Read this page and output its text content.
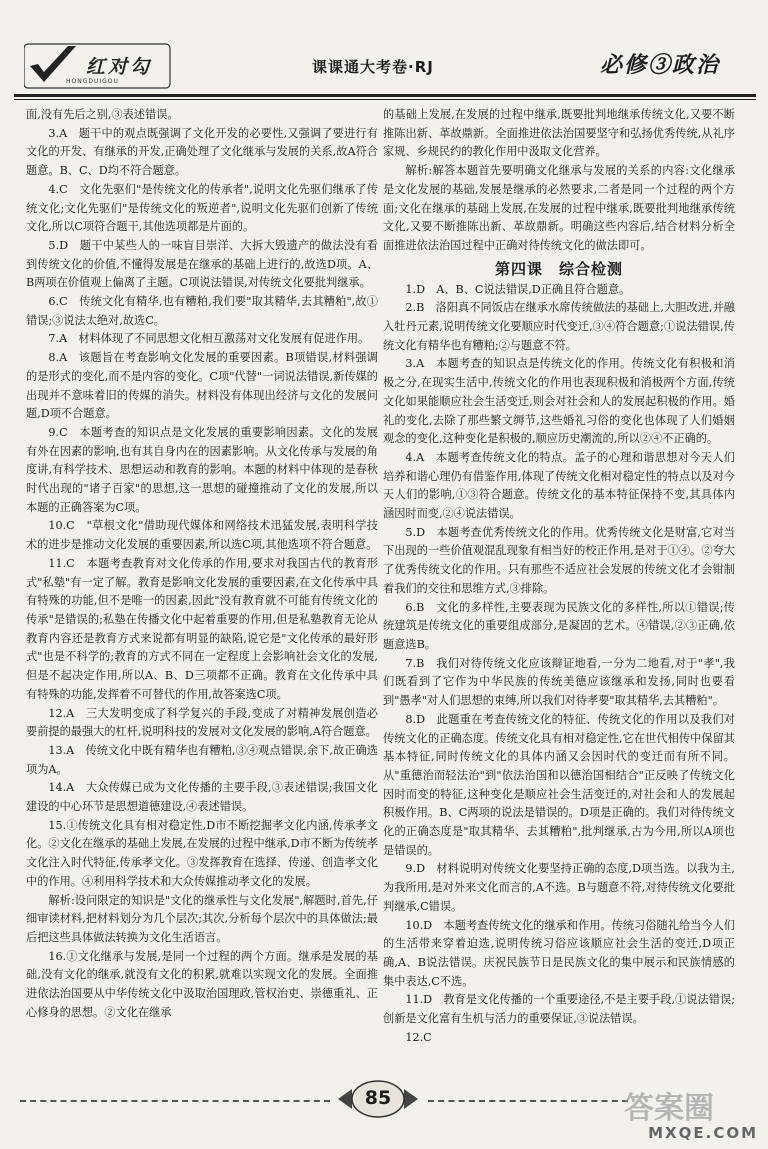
红对勾
HONGDUIGOU
课课通大考卷·RJ	必修③政治

面,没有先后之别,③表述错误。

3.A　题干中的观点既强调了文化开发的必要性,又强调了要进行有文化的开发、有继承的开发,正确处理了文化继承与发展的关系,故A符合题意。B、C、D均不符合题意。

4.C　文化先驱们"是传统文化的传承者",说明文化先驱们继承了传统文化;文化先驱们"是传统文化的叛逆者",说明文化先驱们创新了传统文化,所以C项符合题干,其他选项都是片面的。

5.D　题干中某些人的一味盲目崇洋、大拆大毁遗产的做法没有看到传统文化的价值,不懂得发展是在继承的基础上进行的,故选D项。A、B两项在价值观上偏离了主题。C项说法错误,对传统文化要批判继承。

6.C　传统文化有精华,也有糟粕,我们要"取其精华,去其糟粕",故①错误;③说法太绝对,故选C。

7.A　材料体现了不同思想文化相互激荡对文化发展有促进作用。

8.A　该题旨在考查影响文化发展的重要因素。B项错误,材料强调的是形式的变化,而不是内容的变化。C项"代替"一词说法错误,新传媒的出现并不意味着旧的传媒的消失。材料没有体现出经济与文化的发展问题,D项不合题意。

9.C　本题考查的知识点是文化发展的重要影响因素。文化的发展有外在因素的影响,也有其自身内在的因素影响。从文化传承与发展的角度讲,有科学技术、思想运动和教育的影响。本题的材料中体现的是春秋时代出现的"诸子百家"的思想,这一思想的碰撞推动了文化的发展,所以本题的正确答案为C项。

10.C　"草根文化"借助现代媒体和网络技术迅猛发展,表明科学技术的进步是推动文化发展的重要因素,所以选C项,其他选项不符合题意。

11.C　本题考查教育对文化传承的作用,要求对我国古代的教育形式"私塾"有一定了解。教育是影响文化发展的重要因素,在文化传承中具有特殊的功能,但不是唯一的因素,因此"没有教育就不可能有传统文化的传承"是错误的;私塾在传播文化中起着重要的作用,但是私塾教育无论从教育内容还是教育方式来说都有明显的缺陷,说它是"文化传承的最好形式"也是不科学的;教育的方式不同在一定程度上会影响社会文化的发展,但是不起决定作用,所以A、B、D三项都不正确。教育在文化传承中具有特殊的功能,发挥着不可替代的作用,故答案选C项。

12.A　三大发明变成了科学复兴的手段,变成了对精神发展创造必要前提的最强大的杠杆,说明科技的发展对文化发展的影响,A符合题意。

13.A　传统文化中既有精华也有糟粕,③④观点错误,余下,故正确选项为A。

14.A　大众传媒已成为文化传播的主要手段,③表述错误;我国文化建设的中心环节是思想道德建设,④表述错误。

15.①传统文化具有相对稳定性,D市不断挖掘孝文化内涵,传承孝文化。②文化在继承的基础上发展,在发展的过程中继承,D市不断为传统孝文化注入时代特征,传承孝文化。③发挥教育在选择、传递、创造孝文化中的作用。④利用科学技术和大众传媒推动孝文化的发展。

解析:设问限定的知识是"文化的继承性与文化发展",解题时,首先,仔细审读材料,把材料划分为几个层次;其次,分析每个层次中的具体做法;最后把这些具体做法转换为文化生活语言。

16.①文化继承与发展,是同一个过程的两个方面。继承是发展的基础,没有文化的继承,就没有文化的积累,就难以实现文化的发展。全面推进依法治国要从中华传统文化中汲取治国理政,管权治吏、崇德重礼、正心修身的思想。②文化在继承

的基础上发展,在发展的过程中继承,既要批判地继承传统文化,又要不断推陈出新、革故鼎新。全面推进依法治国要坚守和弘扬优秀传统,从礼序家规、乡规民约的教化作用中汲取文化营养。

解析:解答本题首先要明确文化继承与发展的关系的内容:文化继承是文化发展的基础,发展是继承的必然要求,二者是同一个过程的两个方面;文化在继承的基础上发展,在发展的过程中继承,既要批判地继承传统文化,又要不断推陈出新、革故鼎新。明确这些内容后,结合材料分析全面推进依法治国过程中正确对待传统文化的做法即可。

第四课　综合检测

1.D　A、B、C说法错误,D正确且符合题意。

2.B　洛阳真不同饭店在继承水席传统做法的基础上,大胆改进,并融入牡丹元素,说明传统文化要顺应时代变迁,③④符合题意;①说法错误,传统文化有精华也有糟粕;②与题意不符。

3.A　本题考查的知识点是传统文化的作用。传统文化有积极和消极之分,在现实生活中,传统文化的作用也表现积极和消极两个方面,传统文化如果能顺应社会生活变迁,则会对社会和人的发展起积极的作用。婚礼的变化,去除了那些繁文缛节,这些婚礼习俗的变化也体现了人们婚姻观念的变化,这种变化是积极的,顺应历史潮流的,所以②④不正确的。

4.A　本题考查传统文化的特点。孟子的心理和谐思想对今天人们培养和谐心理仍有借鉴作用,体现了传统文化相对稳定性的特点以及对今天人们的影响,①③符合题意。传统文化的基本特征保持不变,其具体内涵因时而变,②④说法错误。

5.D　本题考查优秀传统文化的作用。优秀传统文化是财富,它对当下出现的一些价值观混乱现象有相当好的校正作用,是对于①④。②夸大了优秀传统文化的作用。只有那些不适应社会发展的传统文化才会钳制着我们的交往和思维方式,③排除。

6.B　文化的多样性,主要表现为民族文化的多样性,所以①错误;传统建筑是传统文化的重要组成部分,是凝固的艺术。④错误,②③正确,依题意选B。

7.B　我们对待传统文化应该辩证地看,一分为二地看,对于"孝",我们既看到了它作为中华民族的传统美德应该继承和发扬,同时也要看到"愚孝"对人们思想的束缚,所以我们对待孝要"取其精华,去其糟粕"。

8.D　此题重在考查传统文化的特征、传统文化的作用以及我们对传统文化的正确态度。传统文化具有相对稳定性,它在世代相传中保留其基本特征,同时传统文化的具体内涵又会因时代的变迁而有所不同。从"重德治而轻法治"到"依法治国和以德治国相结合"正反映了传统文化因时而变的特征,这种变化是顺应社会生活变迁的,对社会和人的发展起积极作用。B、C两项的说法是错误的。D项是正确的。我们对待传统文化的正确态度是"取其精华、去其糟粕",批判继承,古为今用,所以A项也是错误的。

9.D　材料说明对传统文化要坚持正确的态度,D项当选。以我为主,为我所用,是对外来文化而言的,A不选。B与题意不符,对待传统文化要批判继承,C错误。

10.D　本题考查传统文化的继承和作用。传统习俗随礼给当今人们的生活带来穿着迫选,说明传统习俗应该顺应社会生活的变迁,D项正确,A、B说法错误。庆祝民族节日是民族文化的集中展示和民族情感的集中表达,C不选。

11.D　教育是文化传播的一个重要途径,不是主要手段,①说法错误;创新是文化富有生机与活力的重要保证,③说法错误。

12.C

85	答案圈
MXQE.COM
